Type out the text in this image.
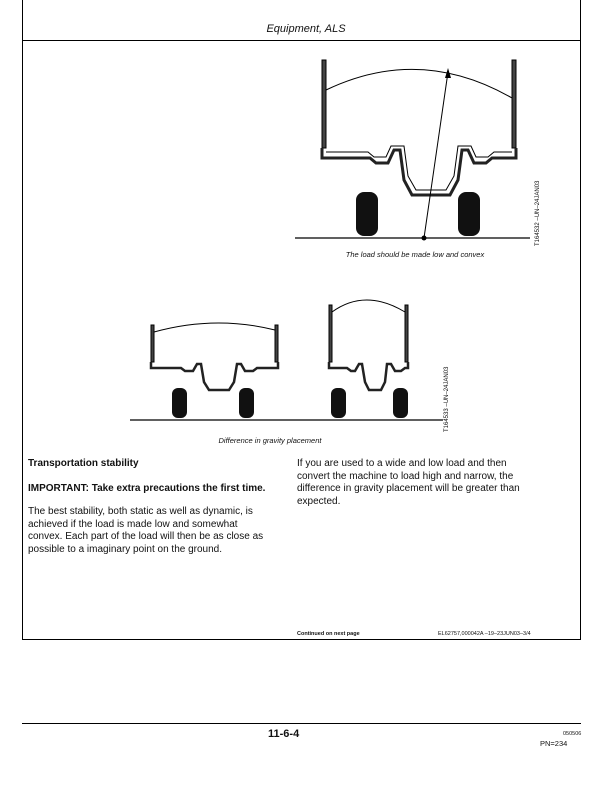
Equipment, ALS
The load should be made low and convex
T164532 –UN–24JAN03
Difference in gravity placement
T164533 –UN–24JAN03
Transportation stability
IMPORTANT: Take extra precautions the first time.
The best stability, both static as well as dynamic, is
achieved if the load is made low and somewhat
convex. Each part of the load will then be as close as
possible to a imaginary point on the ground.
If you are used to a wide and low load and then
convert the machine to load high and narrow, the
difference in gravity placement will be greater than
expected.
Continued on next page	EL62757,000042A –19–23JUN03–3/4
11-6-4	050506
PN=234
